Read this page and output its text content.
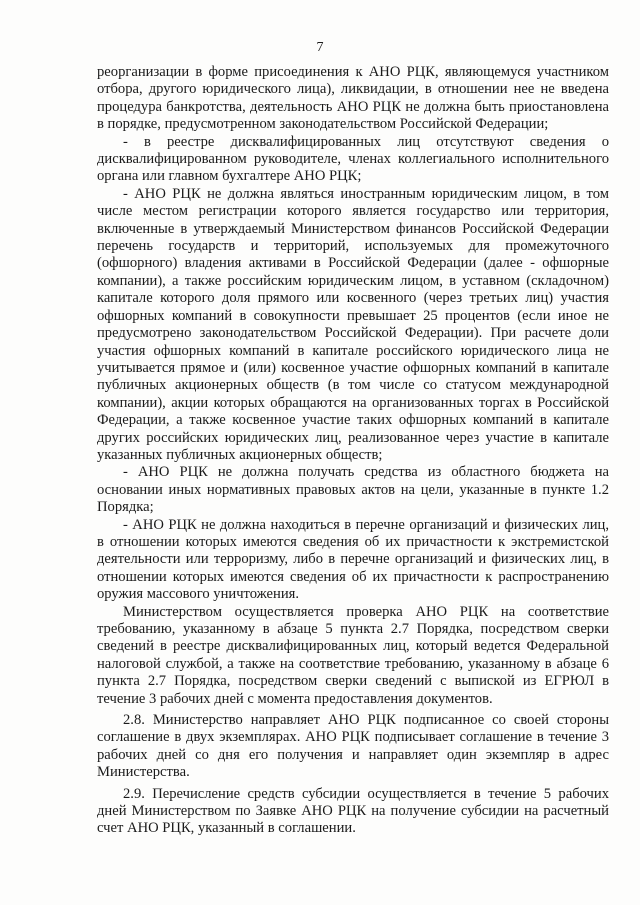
7

реорганизации в форме присоединения к АНО РЦК, являющемуся участником отбора, другого юридического лица), ликвидации, в отношении нее не введена процедура банкротства, деятельность АНО РЦК не должна быть приостановлена в порядке, предусмотренном законодательством Российской Федерации;

- в реестре дисквалифицированных лиц отсутствуют сведения о дисквалифицированном руководителе, членах коллегиального исполнительного органа или главном бухгалтере АНО РЦК;

- АНО РЦК не должна являться иностранным юридическим лицом, в том числе местом регистрации которого является государство или территория, включенные в утверждаемый Министерством финансов Российской Федерации перечень государств и территорий, используемых для промежуточного (офшорного) владения активами в Российской Федерации (далее - офшорные компании), а также российским юридическим лицом, в уставном (складочном) капитале которого доля прямого или косвенного (через третьих лиц) участия офшорных компаний в совокупности превышает 25 процентов (если иное не предусмотрено законодательством Российской Федерации). При расчете доли участия офшорных компаний в капитале российского юридического лица не учитывается прямое и (или) косвенное участие офшорных компаний в капитале публичных акционерных обществ (в том числе со статусом международной компании), акции которых обращаются на организованных торгах в Российской Федерации, а также косвенное участие таких офшорных компаний в капитале других российских юридических лиц, реализованное через участие в капитале указанных публичных акционерных обществ;

- АНО РЦК не должна получать средства из областного бюджета на основании иных нормативных правовых актов на цели, указанные в пункте 1.2 Порядка;

- АНО РЦК не должна находиться в перечне организаций и физических лиц, в отношении которых имеются сведения об их причастности к экстремистской деятельности или терроризму, либо в перечне организаций и физических лиц, в отношении которых имеются сведения об их причастности к распространению оружия массового уничтожения.

Министерством осуществляется проверка АНО РЦК на соответствие требованию, указанному в абзаце 5 пункта 2.7 Порядка, посредством сверки сведений в реестре дисквалифицированных лиц, который ведется Федеральной налоговой службой, а также на соответствие требованию, указанному в абзаце 6 пункта 2.7 Порядка, посредством сверки сведений с выпиской из ЕГРЮЛ в течение 3 рабочих дней с момента предоставления документов.

2.8. Министерство направляет АНО РЦК подписанное со своей стороны соглашение в двух экземплярах. АНО РЦК подписывает соглашение в течение 3 рабочих дней со дня его получения и направляет один экземпляр в адрес Министерства.

2.9. Перечисление средств субсидии осуществляется в течение 5 рабочих дней Министерством по Заявке АНО РЦК на получение субсидии на расчетный счет АНО РЦК, указанный в соглашении.
